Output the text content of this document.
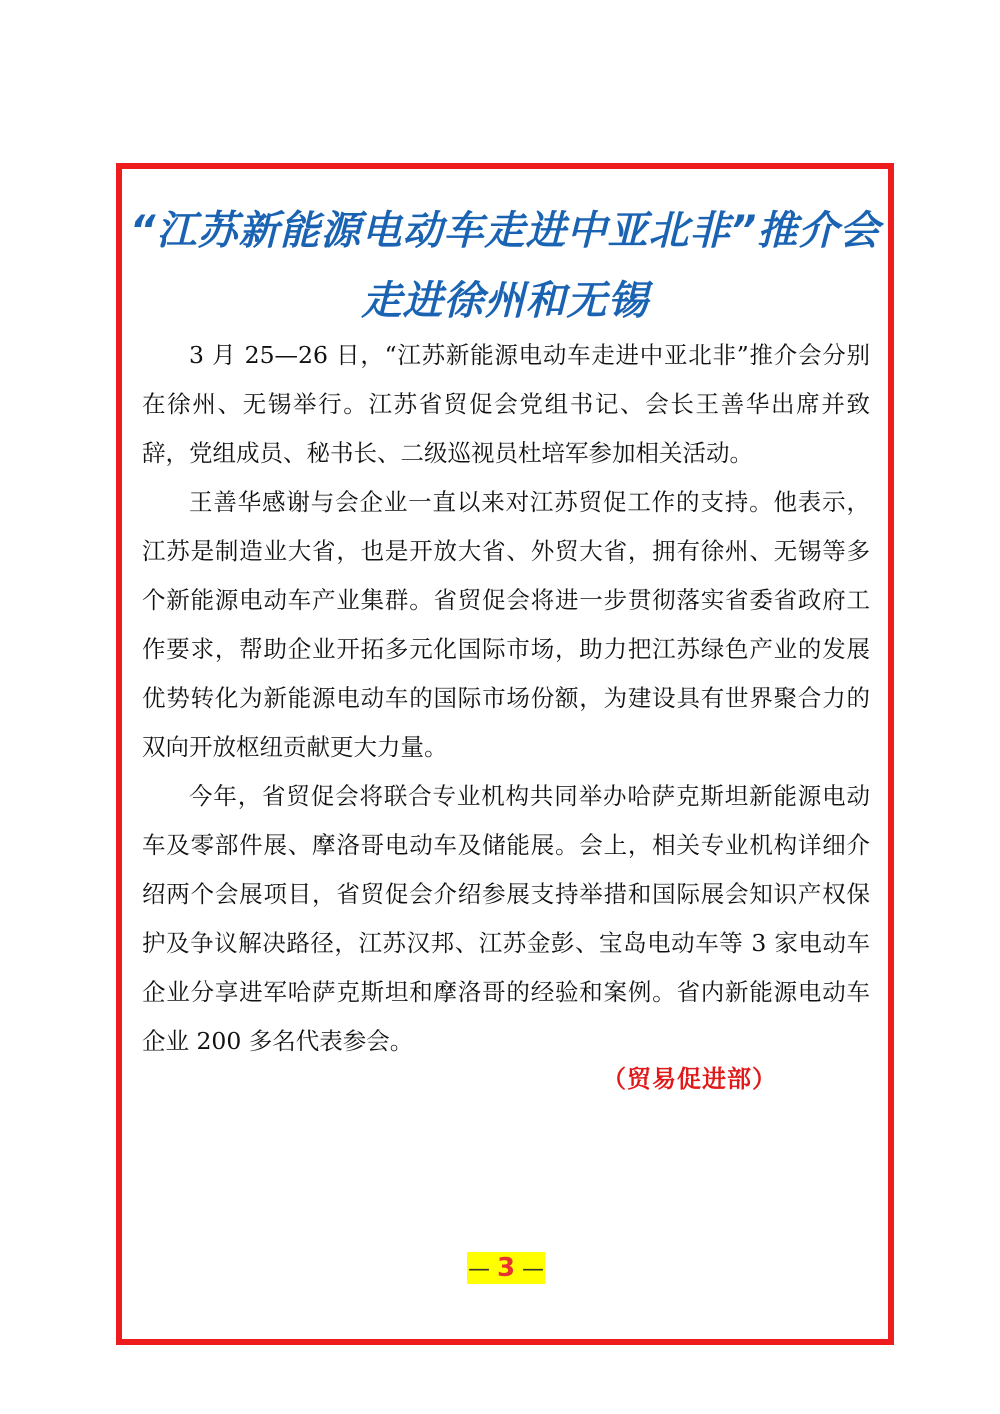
“江苏新能源电动车走进中亚北非”推介会
走进徐州和无锡

3 月 25—26 日，“江苏新能源电动车走进中亚北非”推介会分别在徐州、无锡举行。江苏省贸促会党组书记、会长王善华出席并致辞，党组成员、秘书长、二级巡视员杜培军参加相关活动。

王善华感谢与会企业一直以来对江苏贸促工作的支持。他表示，江苏是制造业大省，也是开放大省、外贸大省，拥有徐州、无锡等多个新能源电动车产业集群。省贸促会将进一步贯彻落实省委省政府工作要求，帮助企业开拓多元化国际市场，助力把江苏绿色产业的发展优势转化为新能源电动车的国际市场份额，为建设具有世界聚合力的双向开放枢纽贡献更大力量。

今年，省贸促会将联合专业机构共同举办哈萨克斯坦新能源电动车及零部件展、摩洛哥电动车及储能展。会上，相关专业机构详细介绍两个会展项目，省贸促会介绍参展支持举措和国际展会知识产权保护及争议解决路径，江苏汉邦、江苏金彭、宝岛电动车等 3 家电动车企业分享进军哈萨克斯坦和摩洛哥的经验和案例。省内新能源电动车企业 200 多名代表参会。

（贸易促进部）
— 3 —
